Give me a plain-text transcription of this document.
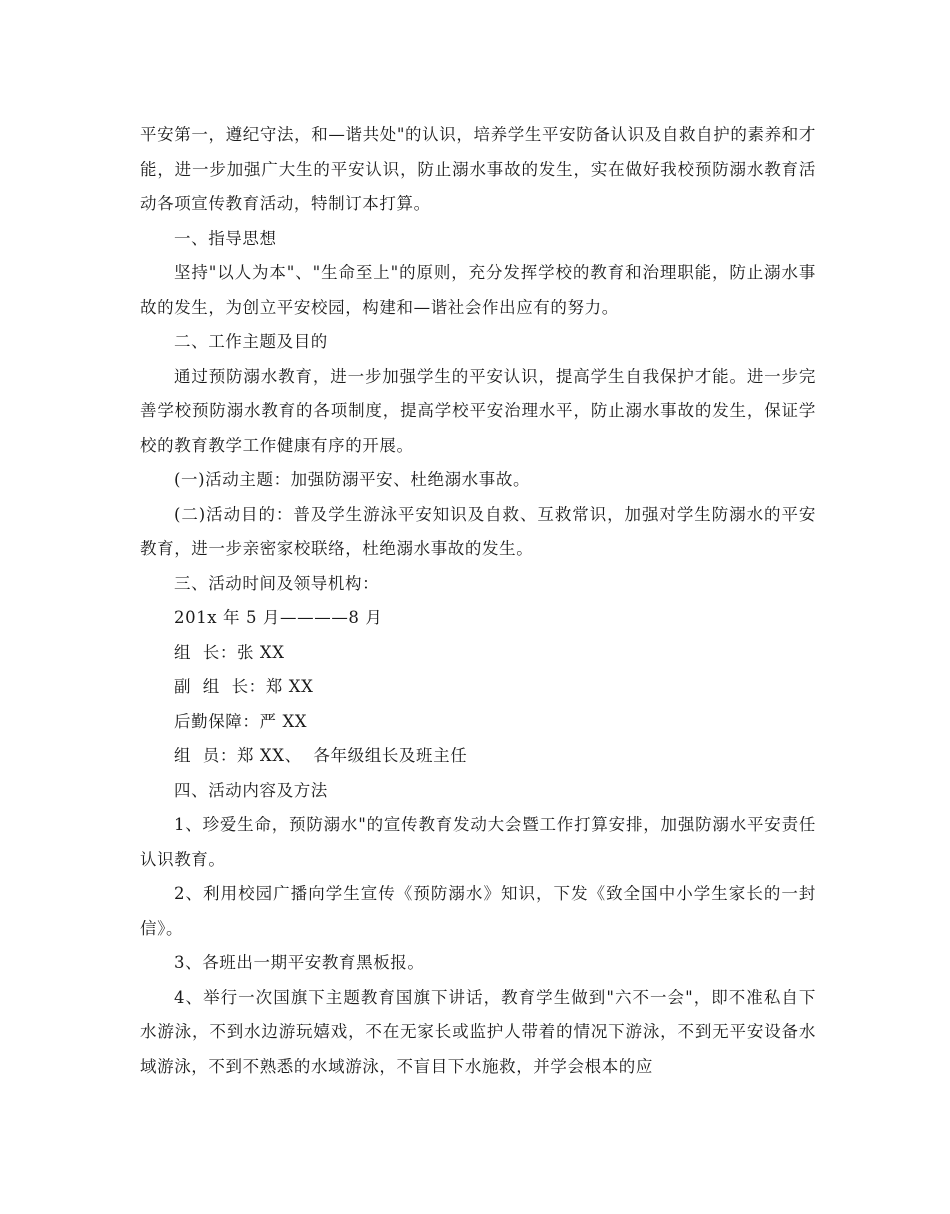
平安第一，遵纪守法，和—谐共处"的认识，培养学生平安防备认识及自救自护的素养和才能，进一步加强广大生的平安认识，防止溺水事故的发生，实在做好我校预防溺水教育活动各项宣传教育活动，特制订本打算。

一、指导思想

坚持"以人为本"、"生命至上"的原则，充分发挥学校的教育和治理职能，防止溺水事故的发生，为创立平安校园，构建和—谐社会作出应有的努力。

二、工作主题及目的

通过预防溺水教育，进一步加强学生的平安认识，提高学生自我保护才能。进一步完善学校预防溺水教育的各项制度，提高学校平安治理水平，防止溺水事故的发生，保证学校的教育教学工作健康有序的开展。

(一)活动主题：加强防溺平安、杜绝溺水事故。

(二)活动目的：普及学生游泳平安知识及自救、互救常识，加强对学生防溺水的平安教育，进一步亲密家校联络，杜绝溺水事故的发生。

三、活动时间及领导机构：

201x 年 5 月————8 月

组  长：张 XX

副  组  长：郑 XX

后勤保障：严 XX

组  员：郑 XX、  各年级组长及班主任

四、活动内容及方法

1、珍爱生命，预防溺水"的宣传教育发动大会暨工作打算安排，加强防溺水平安责任认识教育。

2、利用校园广播向学生宣传《预防溺水》知识，下发《致全国中小学生家长的一封信》。

3、各班出一期平安教育黑板报。

4、举行一次国旗下主题教育国旗下讲话，教育学生做到"六不一会"，即不准私自下水游泳，不到水边游玩嬉戏，不在无家长或监护人带着的情况下游泳，不到无平安设备水域游泳，不到不熟悉的水域游泳，不盲目下水施救，并学会根本的应
